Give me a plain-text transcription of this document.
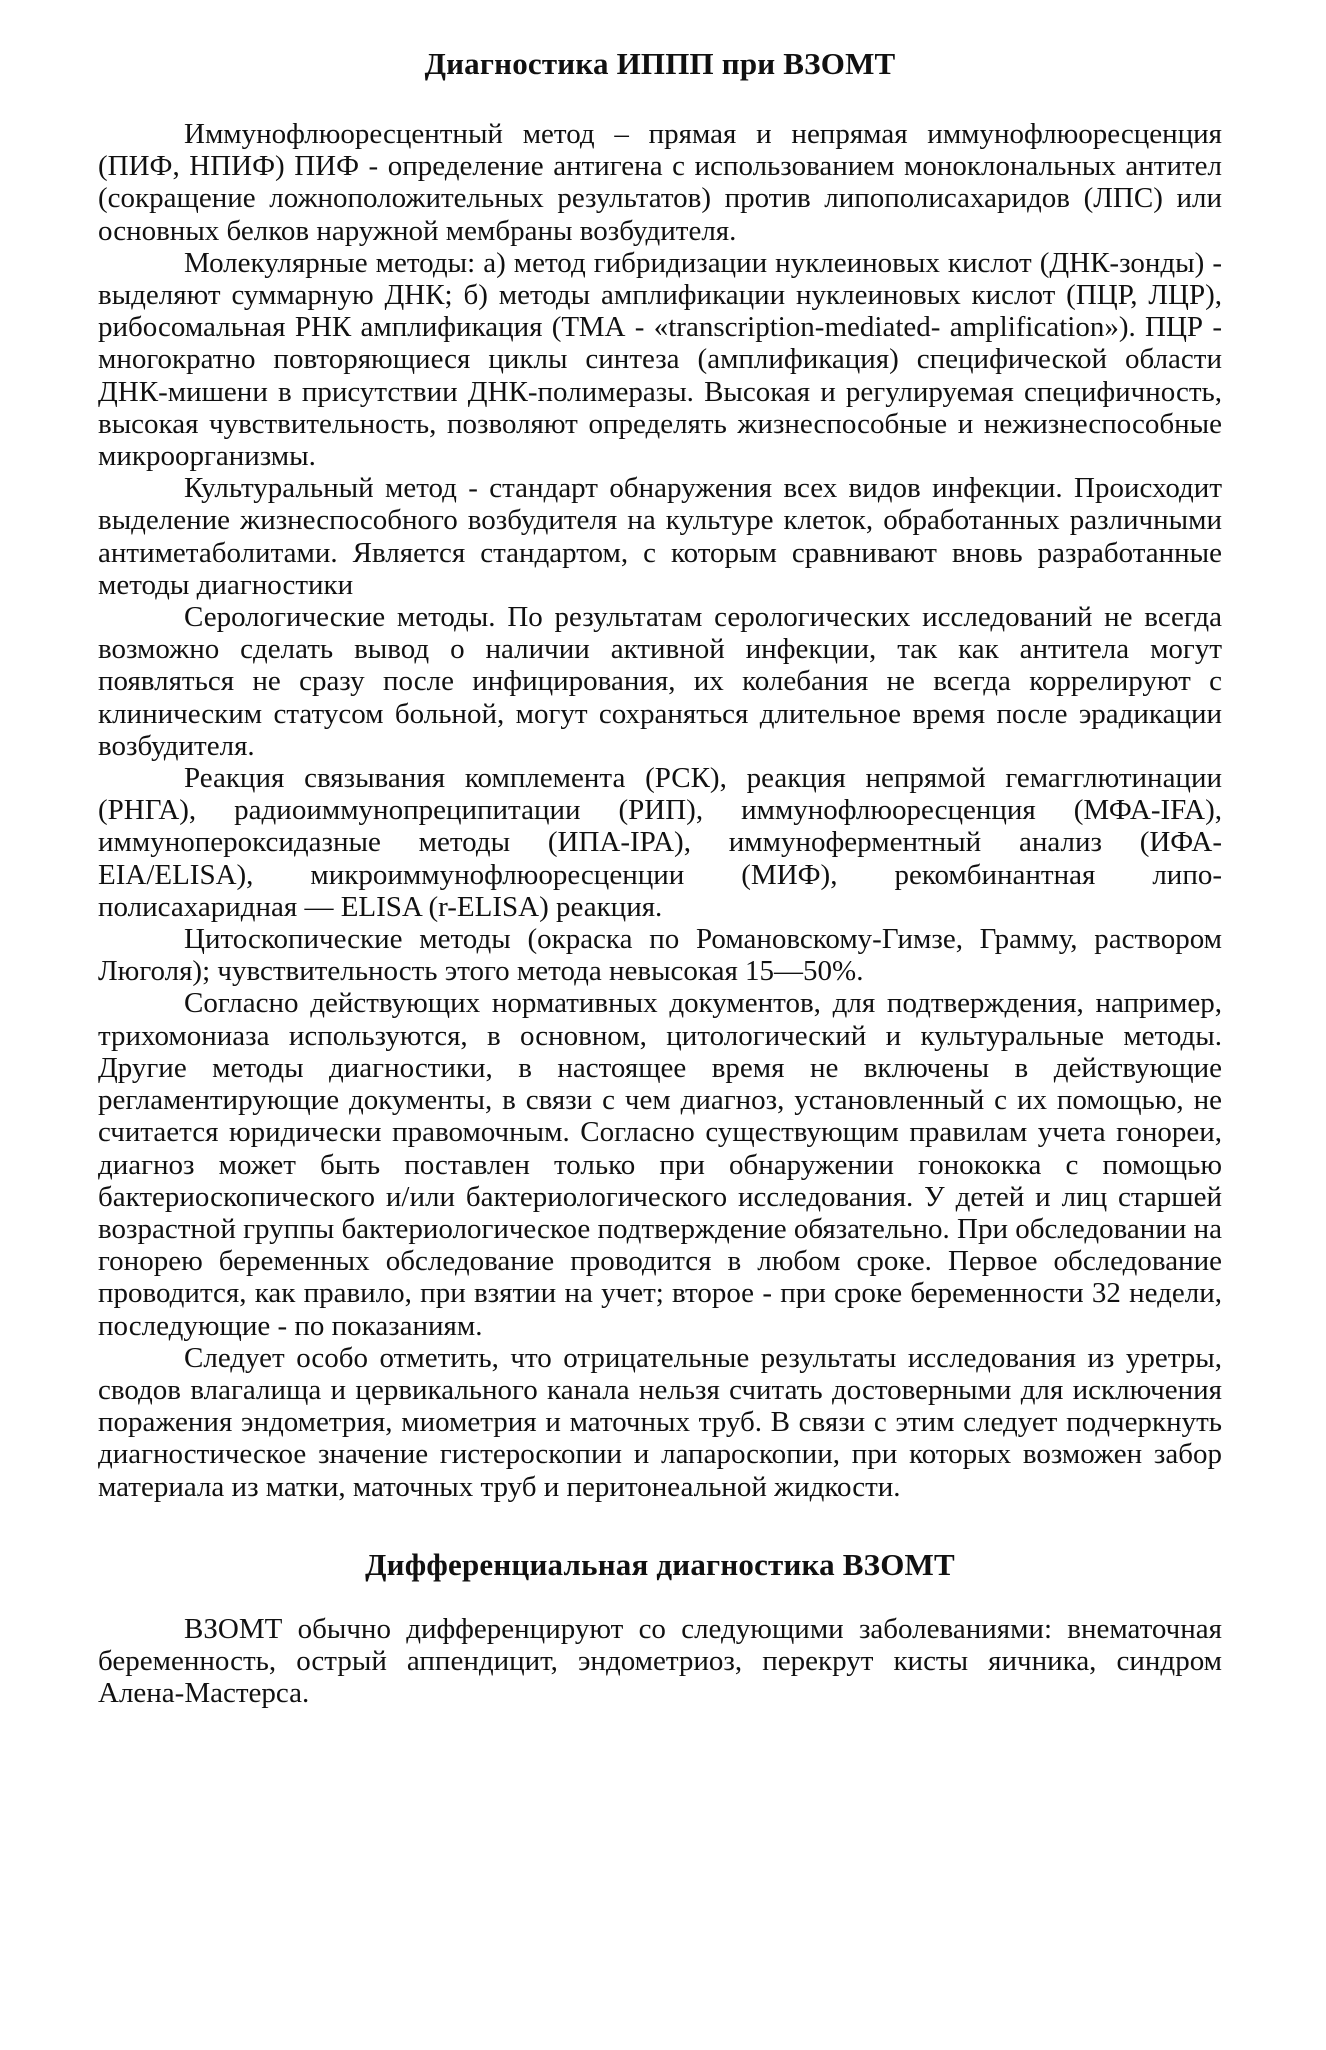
Диагностика ИППП при ВЗОМТ

Иммунофлюоресцентный метод – прямая и непрямая иммунофлюоресценция (ПИФ, НПИФ) ПИФ - определение антигена с использованием моноклональных антител (сокращение ложноположительных результатов) против липополисахаридов (ЛПС) или основных белков наружной мембраны возбудителя.

Молекулярные методы: а) метод гибридизации нуклеиновых кислот (ДНК-зонды) - выделяют суммарную ДНК; б) методы амплификации нуклеиновых кислот (ПЦР, ЛЦР), рибосомальная РНК амплификация (ТМА - «transcription-mediated- amplification»). ПЦР - многократно повторяющиеся циклы синтеза (амплификация) специфической области ДНК-мишени в присутствии ДНК-полимеразы. Высокая и регулируемая специфичность, высокая чувствительность, позволяют определять жизнеспособные и нежизнеспособные микроорганизмы.

Культуральный метод - стандарт обнаружения всех видов инфекции. Происходит выделение жизнеспособного возбудителя на культуре клеток, обработанных различными антиметаболитами. Является стандартом, с которым сравнивают вновь разработанные методы диагностики

Серологические методы. По результатам серологических исследований не всегда возможно сделать вывод о наличии активной инфекции, так как антитела могут появляться не сразу после инфицирования, их колебания не всегда коррелируют с клиническим статусом больной, могут сохраняться длительное время после эрадикации возбудителя.

Реакция связывания комплемента (РСК), реакция непрямой гемагглютинации (РНГА), радиоиммунопреципитации (РИП), иммунофлюоресценция (МФА-IFA), иммунопероксидазные методы (ИПА-IPA), иммуноферментный анализ (ИФА-EIA/ELISA), микроиммунофлюоресценции (МИФ), рекомбинантная липо-полисахаридная — ELISA (r-ELISA) реакция.

Цитоскопические методы (окраска по Романовскому-Гимзе, Грамму, раствором Люголя); чувствительность этого метода невысокая 15—50%.

Согласно действующих нормативных документов, для подтверждения, например, трихомониаза используются, в основном, цитологический и культуральные методы. Другие методы диагностики, в настоящее время не включены в действующие регламентирующие документы, в связи с чем диагноз, установленный с их помощью, не считается юридически правомочным. Согласно существующим правилам учета гонореи, диагноз может быть поставлен только при обнаружении гонококка с помощью бактериоскопического и/или бактериологического исследования. У детей и лиц старшей возрастной группы бактериологическое подтверждение обязательно. При обследовании на гонорею беременных обследование проводится в любом сроке. Первое обследование проводится, как правило, при взятии на учет; второе - при сроке беременности 32 недели, последующие - по показаниям.

Следует особо отметить, что отрицательные результаты исследования из уретры, сводов влагалища и цервикального канала нельзя считать достоверными для исключения поражения эндометрия, миометрия и маточных труб. В связи с этим следует подчеркнуть диагностическое значение гистероскопии и лапароскопии, при которых возможен забор материала из матки, маточных труб и перитонеальной жидкости.

Дифференциальная диагностика ВЗОМТ

ВЗОМТ обычно дифференцируют со следующими заболеваниями: внематочная беременность, острый аппендицит, эндометриоз, перекрут кисты яичника, синдром Алена-Мастерса.
